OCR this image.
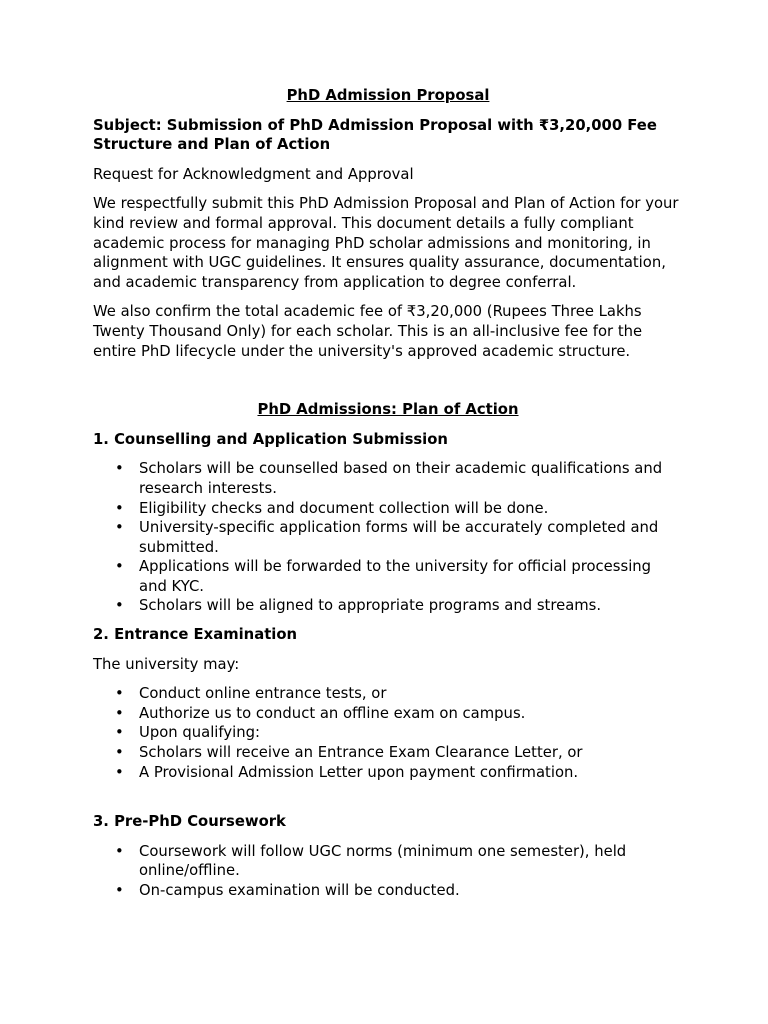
PhD Admission Proposal
Subject: Submission of PhD Admission Proposal with ₹3,20,000 Fee Structure and Plan of Action

Request for Acknowledgment and Approval

We respectfully submit this PhD Admission Proposal and Plan of Action for your kind review and formal approval. This document details a fully compliant academic process for managing PhD scholar admissions and monitoring, in alignment with UGC guidelines. It ensures quality assurance, documentation, and academic transparency from application to degree conferral.

We also confirm the total academic fee of ₹3,20,000 (Rupees Three Lakhs Twenty Thousand Only) for each scholar. This is an all-inclusive fee for the entire PhD lifecycle under the university's approved academic structure.

PhD Admissions: Plan of Action
1. Counselling and Application Submission
• Scholars will be counselled based on their academic qualifications and research interests.
• Eligibility checks and document collection will be done.
• University-specific application forms will be accurately completed and submitted.
• Applications will be forwarded to the university for official processing and KYC.
• Scholars will be aligned to appropriate programs and streams.
2. Entrance Examination

The university may:

• Conduct online entrance tests, or
• Authorize us to conduct an offline exam on campus.
• Upon qualifying:
• Scholars will receive an Entrance Exam Clearance Letter, or
• A Provisional Admission Letter upon payment confirmation.
3. Pre-PhD Coursework
• Coursework will follow UGC norms (minimum one semester), held online/offline.
• On-campus examination will be conducted.
